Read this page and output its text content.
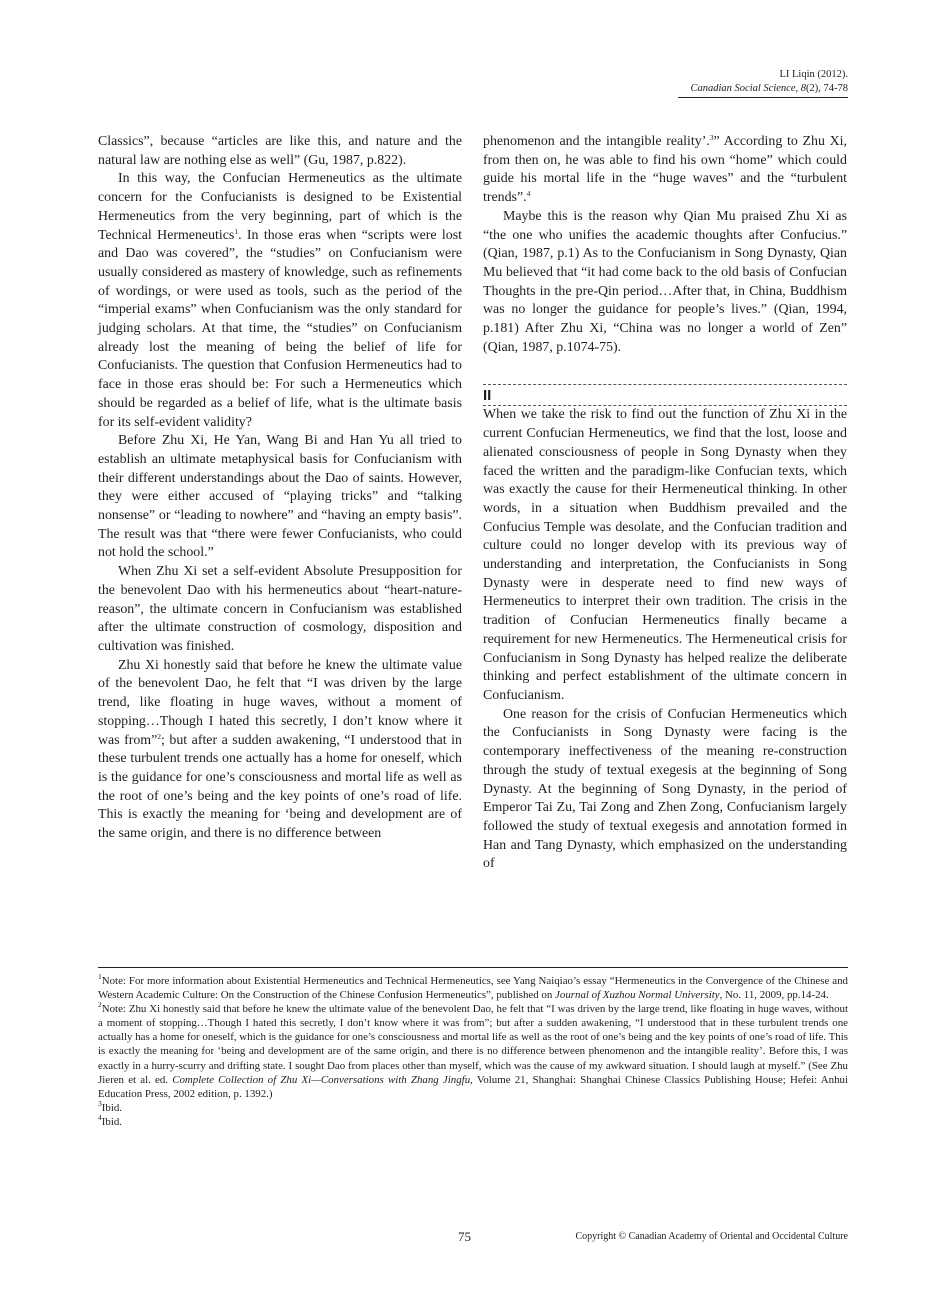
LI Liqin (2012).
Canadian Social Science, 8(2), 74-78

Classics”, because “articles are like this, and nature and the natural law are nothing else as well” (Gu, 1987, p.822).

In this way, the Confucian Hermeneutics as the ultimate concern for the Confucianists is designed to be Existential Hermeneutics from the very beginning, part of which is the Technical Hermeneutics$^1$. In those eras when “scripts were lost and Dao was covered”, the “studies” on Confucianism were usually considered as mastery of knowledge, such as refinements of wordings, or were used as tools, such as the period of the “imperial exams” when Confucianism was the only standard for judging scholars. At that time, the “studies” on Confucianism already lost the meaning of being the belief of life for Confucianists. The question that Confusion Hermeneutics had to face in those eras should be: For such a Hermeneutics which should be regarded as a belief of life, what is the ultimate basis for its self-evident validity?

Before Zhu Xi, He Yan, Wang Bi and Han Yu all tried to establish an ultimate metaphysical basis for Confucianism with their different understandings about the Dao of saints. However, they were either accused of “playing tricks” and “talking nonsense” or “leading to nowhere” and “having an empty basis”. The result was that “there were fewer Confucianists, who could not hold the school.”

When Zhu Xi set a self-evident Absolute Presupposition for the benevolent Dao with his hermeneutics about “heart-nature-reason”, the ultimate concern in Confucianism was established after the ultimate construction of cosmology, disposition and cultivation was finished.

Zhu Xi honestly said that before he knew the ultimate value of the benevolent Dao, he felt that “I was driven by the large trend, like floating in huge waves, without a moment of stopping…Though I hated this secretly, I don’t know where it was from”$^2$; but after a sudden awakening, “I understood that in these turbulent trends one actually has a home for oneself, which is the guidance for one’s consciousness and mortal life as well as the root of one’s being and the key points of one’s road of life. This is exactly the meaning for ‘being and development are of the same origin, and there is no difference between

phenomenon and the intangible reality’.$^3$” According to Zhu Xi, from then on, he was able to find his own “home” which could guide his mortal life in the “huge waves” and the “turbulent trends”.$^4$

Maybe this is the reason why Qian Mu praised Zhu Xi as “the one who unifies the academic thoughts after Confucius.” (Qian, 1987, p.1) As to the Confucianism in Song Dynasty, Qian Mu believed that “it had come back to the old basis of Confucian Thoughts in the pre-Qin period…After that, in China, Buddhism was no longer the guidance for people’s lives.” (Qian, 1994, p.181) After Zhu Xi, “China was no longer a world of Zen” (Qian, 1987, p.1074-75).

II

When we take the risk to find out the function of Zhu Xi in the current Confucian Hermeneutics, we find that the lost, loose and alienated consciousness of people in Song Dynasty when they faced the written and the paradigm-like Confucian texts, which was exactly the cause for their Hermeneutical thinking. In other words, in a situation when Buddhism prevailed and the Confucius Temple was desolate, and the Confucian tradition and culture could no longer develop with its previous way of understanding and interpretation, the Confucianists in Song Dynasty were in desperate need to find new ways of Hermeneutics to interpret their own tradition. The crisis in the tradition of Confucian Hermeneutics finally became a requirement for new Hermeneutics. The Hermeneutical crisis for Confucianism in Song Dynasty has helped realize the deliberate thinking and perfect establishment of the ultimate concern in Confucianism.

One reason for the crisis of Confucian Hermeneutics which the Confucianists in Song Dynasty were facing is the contemporary ineffectiveness of the meaning re-construction through the study of textual exegesis at the beginning of Song Dynasty. At the beginning of Song Dynasty, in the period of Emperor Tai Zu, Tai Zong and Zhen Zong, Confucianism largely followed the study of textual exegesis and annotation formed in Han and Tang Dynasty, which emphasized on the understanding of

$^1$Note: For more information about Existential Hermeneutics and Technical Hermeneutics, see Yang Naiqiao’s essay “Hermeneutics in the Convergence of the Chinese and Western Academic Culture: On the Construction of the Chinese Confusion Hermeneutics”, published on Journal of Xuzhou Normal University, No. 11, 2009, pp.14-24.

$^2$Note: Zhu Xi honestly said that before he knew the ultimate value of the benevolent Dao, he felt that “I was driven by the large trend, like floating in huge waves, without a moment of stopping…Though I hated this secretly, I don’t know where it was from”; but after a sudden awakening, “I understood that in these turbulent trends one actually has a home for oneself, which is the guidance for one’s consciousness and mortal life as well as the root of one’s being and the key points of one’s road of life. This is exactly the meaning for ‘being and development are of the same origin, and there is no difference between phenomenon and the intangible reality’. Before this, I was exactly in a hurry-scurry and drifting state. I sought Dao from places other than myself, which was the cause of my awkward situation. I should laugh at myself.” (See Zhu Jieren et al. ed. Complete Collection of Zhu Xi—Conversations with Zhang Jingfu, Volume 21, Shanghai: Shanghai Chinese Classics Publishing House; Hefei: Anhui Education Press, 2002 edition, p. 1392.)

$^3$Ibid.

$^4$Ibid.

75	Copyright © Canadian Academy of Oriental and Occidental Culture
